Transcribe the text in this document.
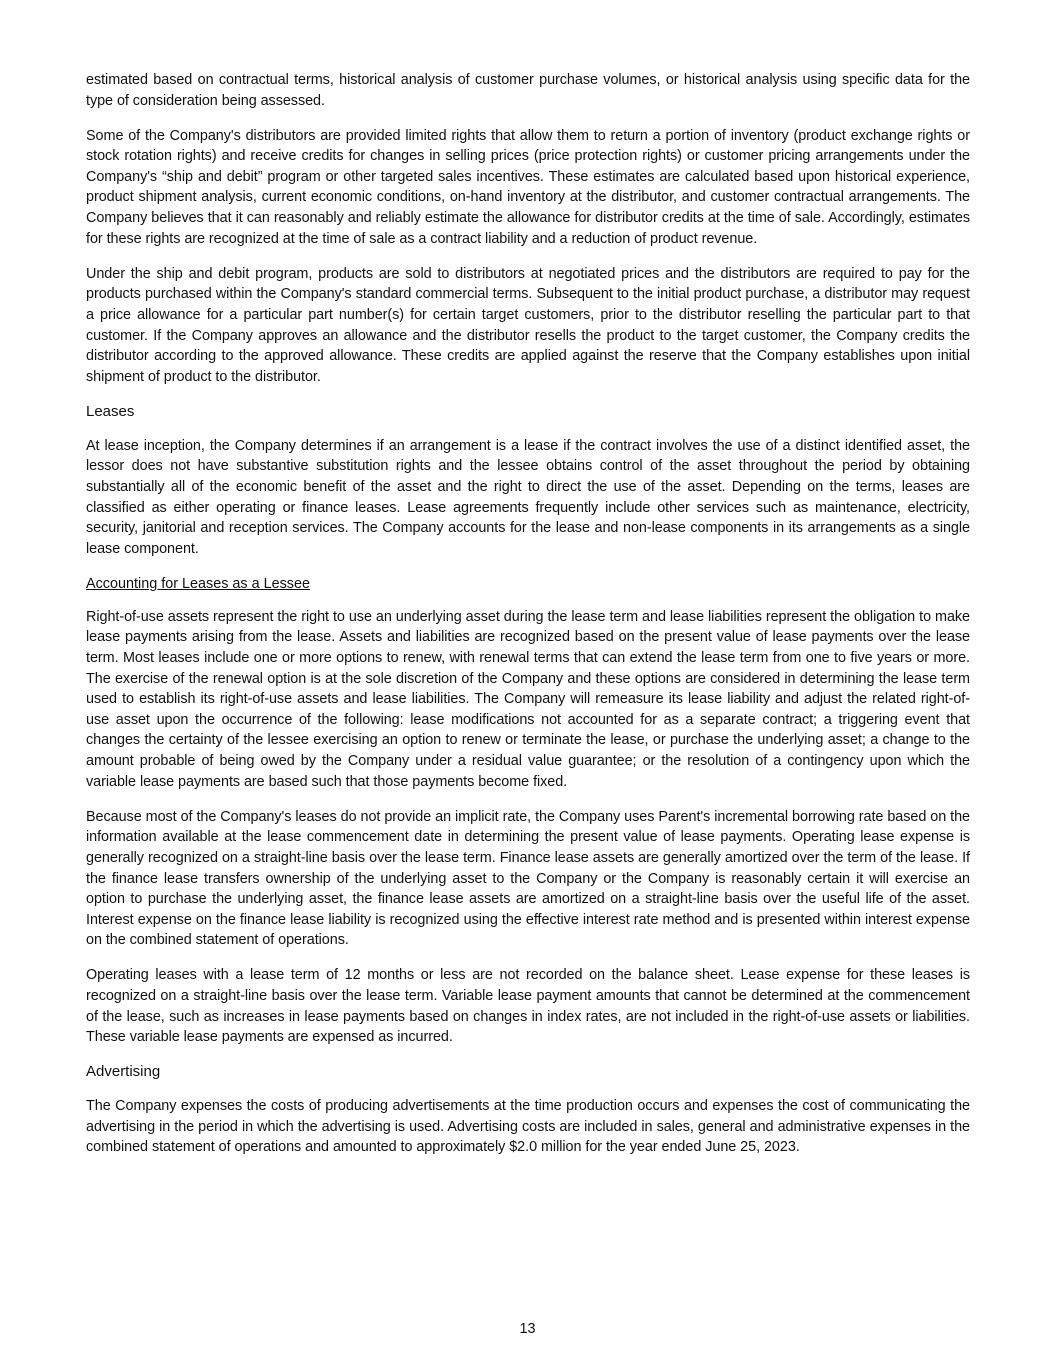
estimated based on contractual terms, historical analysis of customer purchase volumes, or historical analysis using specific data for the type of consideration being assessed.

Some of the Company's distributors are provided limited rights that allow them to return a portion of inventory (product exchange rights or stock rotation rights) and receive credits for changes in selling prices (price protection rights) or customer pricing arrangements under the Company's “ship and debit” program or other targeted sales incentives. These estimates are calculated based upon historical experience, product shipment analysis, current economic conditions, on-hand inventory at the distributor, and customer contractual arrangements. The Company believes that it can reasonably and reliably estimate the allowance for distributor credits at the time of sale. Accordingly, estimates for these rights are recognized at the time of sale as a contract liability and a reduction of product revenue.

Under the ship and debit program, products are sold to distributors at negotiated prices and the distributors are required to pay for the products purchased within the Company's standard commercial terms. Subsequent to the initial product purchase, a distributor may request a price allowance for a particular part number(s) for certain target customers, prior to the distributor reselling the particular part to that customer. If the Company approves an allowance and the distributor resells the product to the target customer, the Company credits the distributor according to the approved allowance. These credits are applied against the reserve that the Company establishes upon initial shipment of product to the distributor.

Leases

At lease inception, the Company determines if an arrangement is a lease if the contract involves the use of a distinct identified asset, the lessor does not have substantive substitution rights and the lessee obtains control of the asset throughout the period by obtaining substantially all of the economic benefit of the asset and the right to direct the use of the asset. Depending on the terms, leases are classified as either operating or finance leases. Lease agreements frequently include other services such as maintenance, electricity, security, janitorial and reception services. The Company accounts for the lease and non-lease components in its arrangements as a single lease component.

Accounting for Leases as a Lessee

Right-of-use assets represent the right to use an underlying asset during the lease term and lease liabilities represent the obligation to make lease payments arising from the lease. Assets and liabilities are recognized based on the present value of lease payments over the lease term. Most leases include one or more options to renew, with renewal terms that can extend the lease term from one to five years or more. The exercise of the renewal option is at the sole discretion of the Company and these options are considered in determining the lease term used to establish its right-of-use assets and lease liabilities. The Company will remeasure its lease liability and adjust the related right-of-use asset upon the occurrence of the following: lease modifications not accounted for as a separate contract; a triggering event that changes the certainty of the lessee exercising an option to renew or terminate the lease, or purchase the underlying asset; a change to the amount probable of being owed by the Company under a residual value guarantee; or the resolution of a contingency upon which the variable lease payments are based such that those payments become fixed.

Because most of the Company's leases do not provide an implicit rate, the Company uses Parent's incremental borrowing rate based on the information available at the lease commencement date in determining the present value of lease payments. Operating lease expense is generally recognized on a straight-line basis over the lease term. Finance lease assets are generally amortized over the term of the lease. If the finance lease transfers ownership of the underlying asset to the Company or the Company is reasonably certain it will exercise an option to purchase the underlying asset, the finance lease assets are amortized on a straight-line basis over the useful life of the asset. Interest expense on the finance lease liability is recognized using the effective interest rate method and is presented within interest expense on the combined statement of operations.

Operating leases with a lease term of 12 months or less are not recorded on the balance sheet. Lease expense for these leases is recognized on a straight-line basis over the lease term. Variable lease payment amounts that cannot be determined at the commencement of the lease, such as increases in lease payments based on changes in index rates, are not included in the right-of-use assets or liabilities. These variable lease payments are expensed as incurred.

Advertising

The Company expenses the costs of producing advertisements at the time production occurs and expenses the cost of communicating the advertising in the period in which the advertising is used. Advertising costs are included in sales, general and administrative expenses in the combined statement of operations and amounted to approximately $2.0 million for the year ended June 25, 2023.

13
